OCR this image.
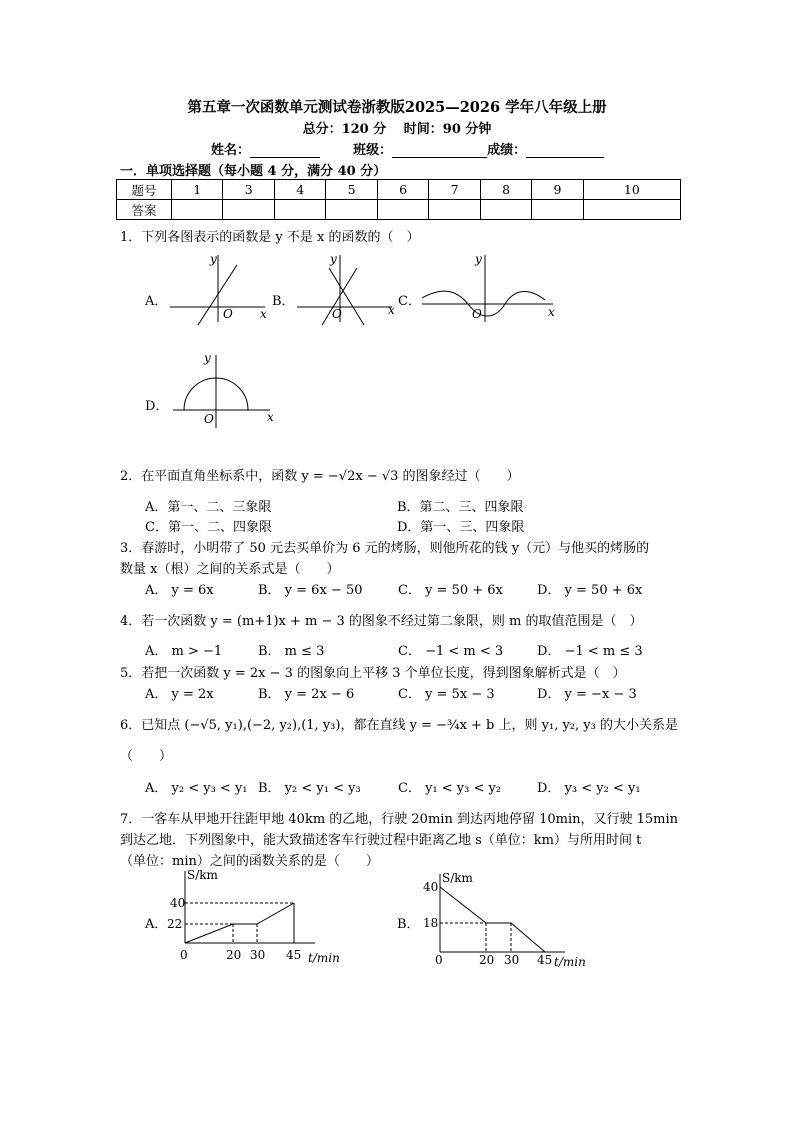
第五章一次函数单元测试卷浙教版2025—2026 学年八年级上册
总分：120 分　 时间：90 分钟
姓名：	班级：	成绩：
一．单项选择题（每小题 4 分，满分 40 分）
题号	1	3	4	5	6	7	8	9	10
答案									
1．下列各图表示的函数是 y 不是 x 的函数的（　）
A．	B．	C．
D．
y
x
O
y
x
O
y
x
O
y
x
O
2．在平面直角坐标系中，函数 y = −√2x − √3 的图象经过（　　）
A．第一、二、三象限	B．第二、三、四象限
C．第一、二、四象限	D．第一、三、四象限
3．春游时，小明带了 50 元去买单价为 6 元的烤肠，则他所花的钱 y（元）与他买的烤肠的
数量 x（根）之间的关系式是（　　）
A． y = 6x	B． y = 6x − 50	C． y = 50 + 6x	D． y = 50 + 6x
4．若一次函数 y = (m+1)x + m − 3 的图象不经过第二象限，则 m 的取值范围是（　）
A． m > −1	B． m ≤ 3	C． −1 < m < 3	D． −1 < m ≤ 3
5．若把一次函数 y = 2x − 3 的图象向上平移 3 个单位长度，得到图象解析式是（　）
A． y = 2x	B． y = 2x − 6	C． y = 5x − 3	D． y = −x − 3
6．已知点 (−√5, y₁),(−2, y₂),(1, y₃)，都在直线 y = −¾x + b 上，则 y₁, y₂, y₃ 的大小关系是
（　　）
A． y₂ < y₃ < y₁ B． y₂ < y₁ < y₃	C． y₁ < y₃ < y₂	D． y₃ < y₂ < y₁
7．一客车从甲地开往距甲地 40km 的乙地，行驶 20min 到达丙地停留 10min，又行驶 15min
到达乙地．下列图象中，能大致描述客车行驶过程中距离乙地 s（单位：km）与所用时间 t
（单位：min）之间的函数关系的是（　　）
A．	B．
S/km
40
22
0	20 30 45 t/min
S/km
40
18
0	20 30 45 t/min
